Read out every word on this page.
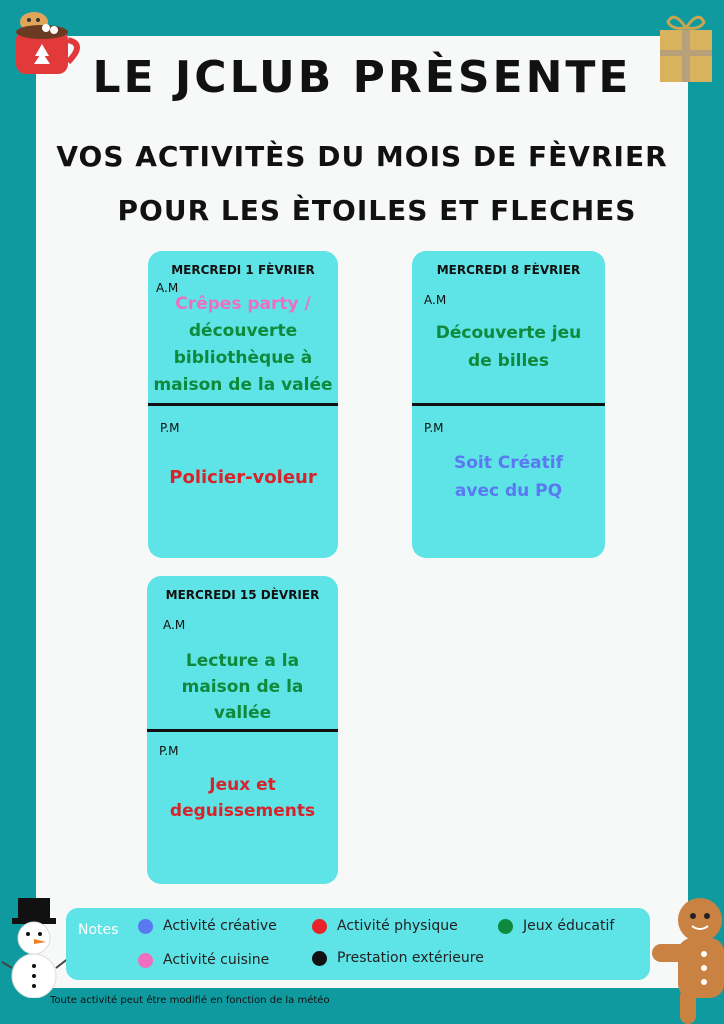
LE JCLUB PRÈSENTE
VOS ACTIVITÈS DU MOIS DE FÈVRIER
POUR LES ÈTOILES ET FLECHES
MERCREDI 1 FÈVRIER
A.M
Crêpes party /
découverte
bibliothèque à
maison de la valée
P.M
Policier-voleur
MERCREDI 8 FÈVRIER
A.M
Découverte jeu
de billes
P.M
Soit Créatif
avec du PQ
MERCREDI 15 DÈVRIER
A.M
Lecture a la
maison de la
vallée
P.M
Jeux et
deguissements
Notes	Activité créative	Activité physique	Jeux éducatif
Activité cuisine	Prestation extérieure
Toute activité peut être modifié en fonction de la météo
